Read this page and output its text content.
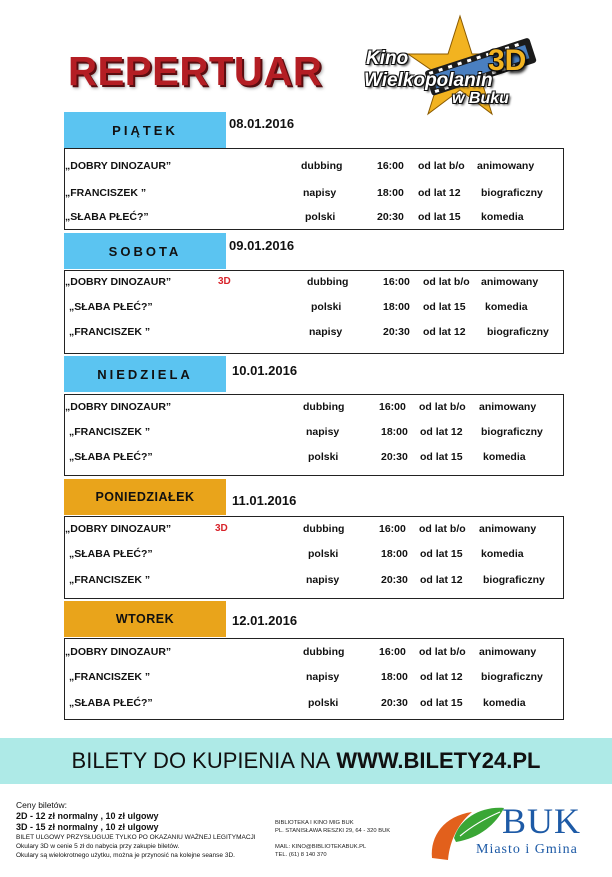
REPERTUAR Kino
Wielkopolanin
w Buku
3D
PIĄTEK	08.01.2016
„DOBRY DINOZAUR”	dubbing	16:00 od lat b/o animowany
„FRANCISZEK ”	napisy	18:00 od lat 12 biograficzny
„SŁABA PŁEĆ?”	polski	20:30 od lat 15 komedia
SOBOTA	09.01.2016
„DOBRY DINOZAUR”	3D	dubbing	16:00 od lat b/o animowany
„SŁABA PŁEĆ?”	polski	18:00 od lat 15 komedia
„FRANCISZEK ”	napisy	20:30 od lat 12 biograficzny
NIEDZIELA	10.01.2016
„DOBRY DINOZAUR”	dubbing	16:00 od lat b/o animowany
„FRANCISZEK ”	napisy	18:00 od lat 12 biograficzny
„SŁABA PŁEĆ?”	polski	20:30 od lat 15 komedia
PONIEDZIAŁEK	11.01.2016
„DOBRY DINOZAUR”	3D	dubbing	16:00 od lat b/o animowany
„SŁABA PŁEĆ?”	polski	18:00 od lat 15 komedia
„FRANCISZEK ”	napisy	20:30 od lat 12 biograficzny
WTOREK	12.01.2016
„DOBRY DINOZAUR”	dubbing	16:00 od lat b/o animowany
„FRANCISZEK ”	napisy	18:00 od lat 12 biograficzny
„SŁABA PŁEĆ?”	polski	20:30 od lat 15 komedia
BILETY DO KUPIENIA NA WWW.BILETY24.PL
Ceny biletów:
2D - 12 zł normalny , 10 zł ulgowy
3D - 15 zł normalny , 10 zł ulgowy
BILET ULGOWY PRZYSŁUGUJE TYLKO PO OKAZANIU WAŻNEJ LEGITYMACJI
Okulary 3D w cenie 5 zł do nabycia przy zakupie biletów.
Okulary są wielokrotnego użytku, można je przynosić na kolejne seanse 3D.
BIBLIOTEKA I KINO MIG BUK
PL. STANISŁAWA RESZKI 29, 64 - 320 BUK
MAIL: KINO@BIBLIOTEKABUK.PL
TEL. (61) 8 140 370
BUK
Miasto i Gmina
